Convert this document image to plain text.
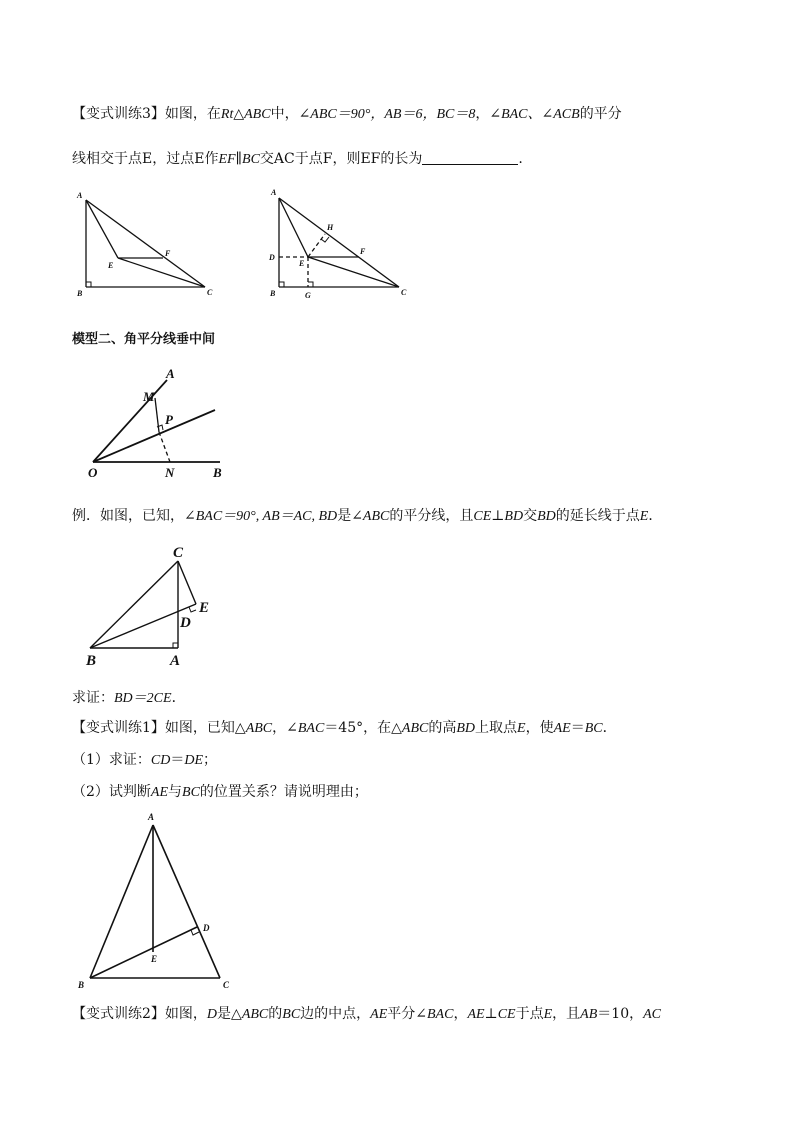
【变式训练3】如图，在Rt△ABC中，∠ABC＝90°，AB＝6，BC＝8，∠BAC、∠ACB的平分
线相交于点E，过点E作EF∥BC交AC于点F，则EF的长为	.
A
B	C
E
F
A
B	C
D
E
F
G
H
模型二、角平分线垂中间
A
M
P
O	N	B
例．如图，已知，∠BAC＝90°, AB＝AC, BD是∠ABC的平分线，且CE⊥BD交BD的延长线于点E．
C
E
D
B	A
求证：BD＝2CE．
【变式训练1】如图，已知△ABC，∠BAC＝45°，在△ABC的高BD上取点E，使AE＝BC．
（1）求证：CD＝DE；
（2）试判断AE与BC的位置关系？请说明理由；
A
D
E
B	C
【变式训练2】如图，D是△ABC的BC边的中点，AE平分∠BAC，AE⊥CE于点E，且AB＝10，AC
